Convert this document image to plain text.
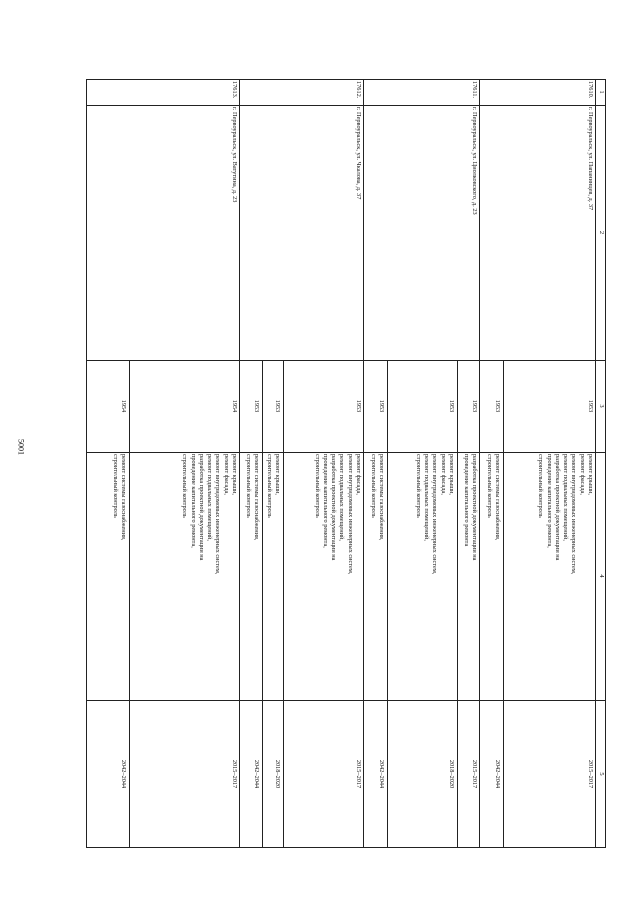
5001
1
2
3
4
5
17610.
г. Первоуральск, ул. Папанинцев, д. 37
1953
ремонт крыши,
ремонт фасада,
ремонт внутридомовых инженерных систем,
ремонт подвальных помещений,
разработка проектной документации на
проведение капитального ремонта,
строительный контроль
2015–2017
1953
ремонт системы газоснабжения,
строительный контроль
2042–2044
17611.
г. Первоуральск, ул. Циолковского, д. 23
1953
разработка проектной документации на
проведение капитального ремонта
2015–2017
1953
ремонт крыши,
ремонт фасада,
ремонт внутридомовых инженерных систем,
ремонт подвальных помещений,
строительный контроль
2018–2020
1953
ремонт системы газоснабжения,
строительный контроль
2042–2044
17612.
г. Первоуральск, ул. Чкалова, д. 37
1953
ремонт фасада,
ремонт внутридомовых инженерных систем,
ремонт подвальных помещений,
разработка проектной документации на
проведение капитального ремонта,
строительный контроль
2015–2017
1953
ремонт крыши,
строительный контроль
2018–2020
1953
ремонт системы газоснабжения,
строительный контроль
2042–2044
17613.
г. Первоуральск, ул. Ватутина, д. 23
1954
ремонт крыши,
ремонт фасада,
ремонт внутридомовых инженерных систем,
ремонт подвальных помещений,
разработка проектной документации на
проведение капитального ремонта,
строительный контроль
2015–2017
1954
ремонт системы газоснабжения,
строительный контроль
2042–2044
